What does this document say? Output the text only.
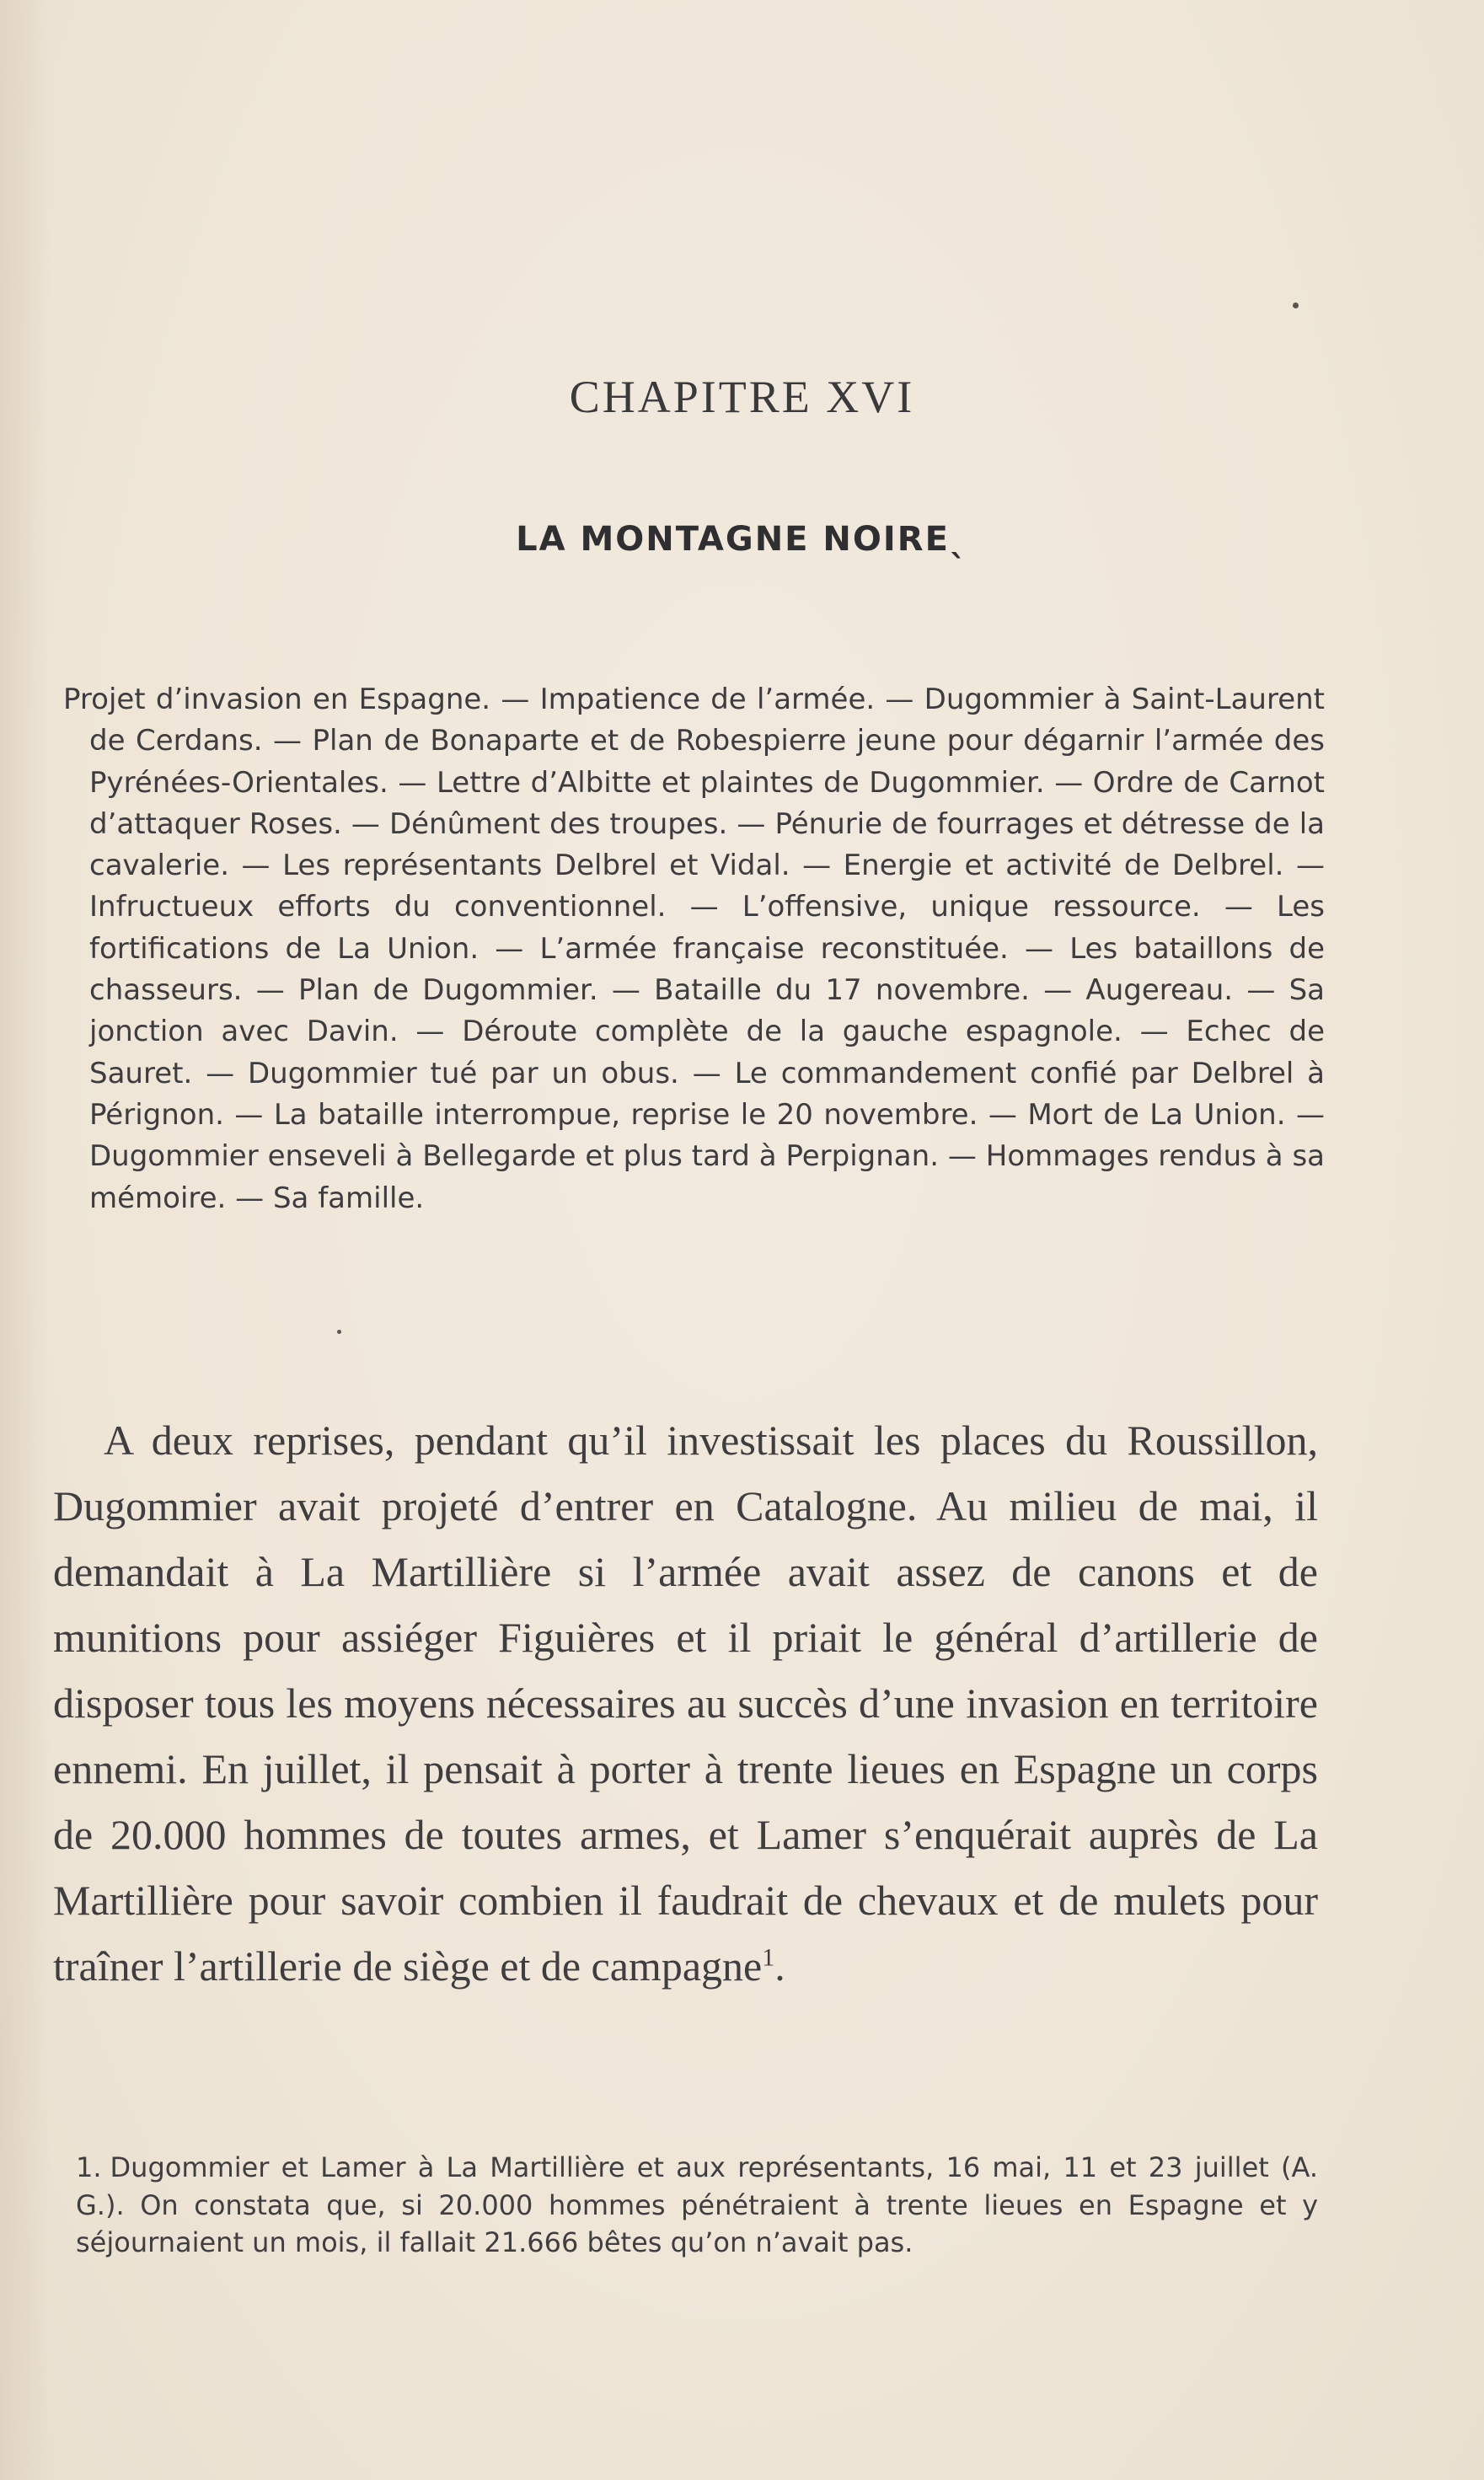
CHAPITRE XVI
LA MONTAGNE NOIREˎ
Projet d’invasion en Espagne. — Impatience de l’armée. — Dugommier à Saint-Laurent de Cerdans. — Plan de Bonaparte et de Robespierre jeune pour dégarnir l’armée des Pyrénées-Orientales. — Lettre d’Albitte et plaintes de Dugommier. — Ordre de Carnot d’attaquer Roses. — Dénûment des troupes. — Pénurie de fourrages et détresse de la cavalerie. — Les représentants Delbrel et Vidal. — Energie et activité de Delbrel. — Infructueux efforts du conventionnel. — L’offensive, unique ressource. — Les fortifications de La Union. — L’armée française reconstituée. — Les bataillons de chasseurs. — Plan de Dugommier. — Bataille du 17 novembre. — Augereau. — Sa jonction avec Davin. — Déroute complète de la gauche espagnole. — Echec de Sauret. — Dugommier tué par un obus. — Le commandement confié par Delbrel à Pérignon. — La bataille interrompue, reprise le 20 novembre. — Mort de La Union. — Dugommier enseveli à Bellegarde et plus tard à Perpignan. — Hommages rendus à sa mémoire. — Sa famille.

A deux reprises, pendant qu’il investissait les places du Roussillon, Dugommier avait projeté d’entrer en Catalogne. Au milieu de mai, il demandait à La Martillière si l’armée avait assez de canons et de munitions pour assiéger Figuières et il priait le général d’artillerie de disposer tous les moyens nécessaires au succès d’une invasion en territoire ennemi. En juillet, il pensait à porter à trente lieues en Espagne un corps de 20.000 hommes de toutes armes, et Lamer s’enquérait auprès de La Martillière pour savoir combien il faudrait de chevaux et de mulets pour traîner l’artillerie de siège et de campagne$^1$.

1. Dugommier et Lamer à La Martillière et aux représentants, 16 mai, 11 et 23 juillet (A. G.). On constata que, si 20.000 hommes pénétraient à trente lieues en Espagne et y séjournaient un mois, il fallait 21.666 bêtes qu’on n’avait pas.
